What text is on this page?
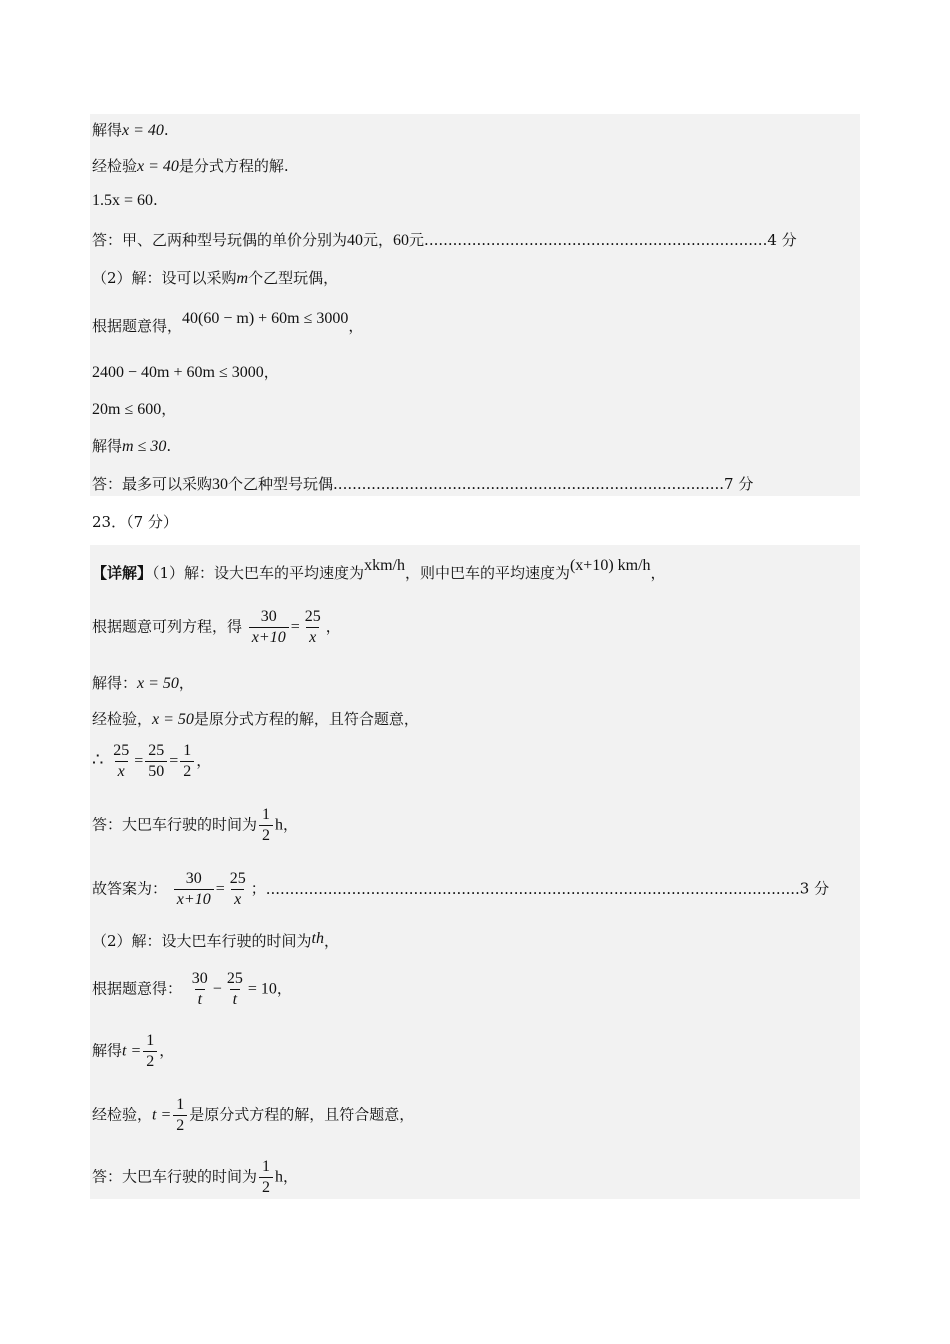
解得x = 40.
经检验x = 40是分式方程的解.
1.5x = 60.
答：甲、乙两种型号玩偶的单价分别为40元，60元........................................................................4 分
（2）解：设可以采购m个乙型玩偶，
根据题意得，40(60 − m) + 60m ≤ 3000，
2400 − 40m + 60m ≤ 3000，
20m ≤ 600，
解得m ≤ 30.
答：最多可以采购30个乙种型号玩偶..................................................................................7 分
23．（7 分）
【详解】（1）解：设大巴车的平均速度为xkm/h，则中巴车的平均速度为(x+10) km/h，
根据题意可列方程，得 $\frac{30}{x+10} = \frac{25}{x}$ ，
解得：x = 50，
经检验，x = 50是原分式方程的解，且符合题意，
∴ $\frac{25}{x} = \frac{25}{50} = \frac{1}{2}$ ，
答：大巴车行驶的时间为 $\frac{1}{2}$ h，
故答案为： $\frac{30}{x+10} = \frac{25}{x}$ ；................................................................................................................3 分
（2）解：设大巴车行驶的时间为th，
根据题意得： $\frac{30}{t} - \frac{25}{t} = 10$，
解得$t = \frac{1}{2}$ ，
经检验，$t = \frac{1}{2}$ 是原分式方程的解，且符合题意，
答：大巴车行驶的时间为 $\frac{1}{2}$ h，
